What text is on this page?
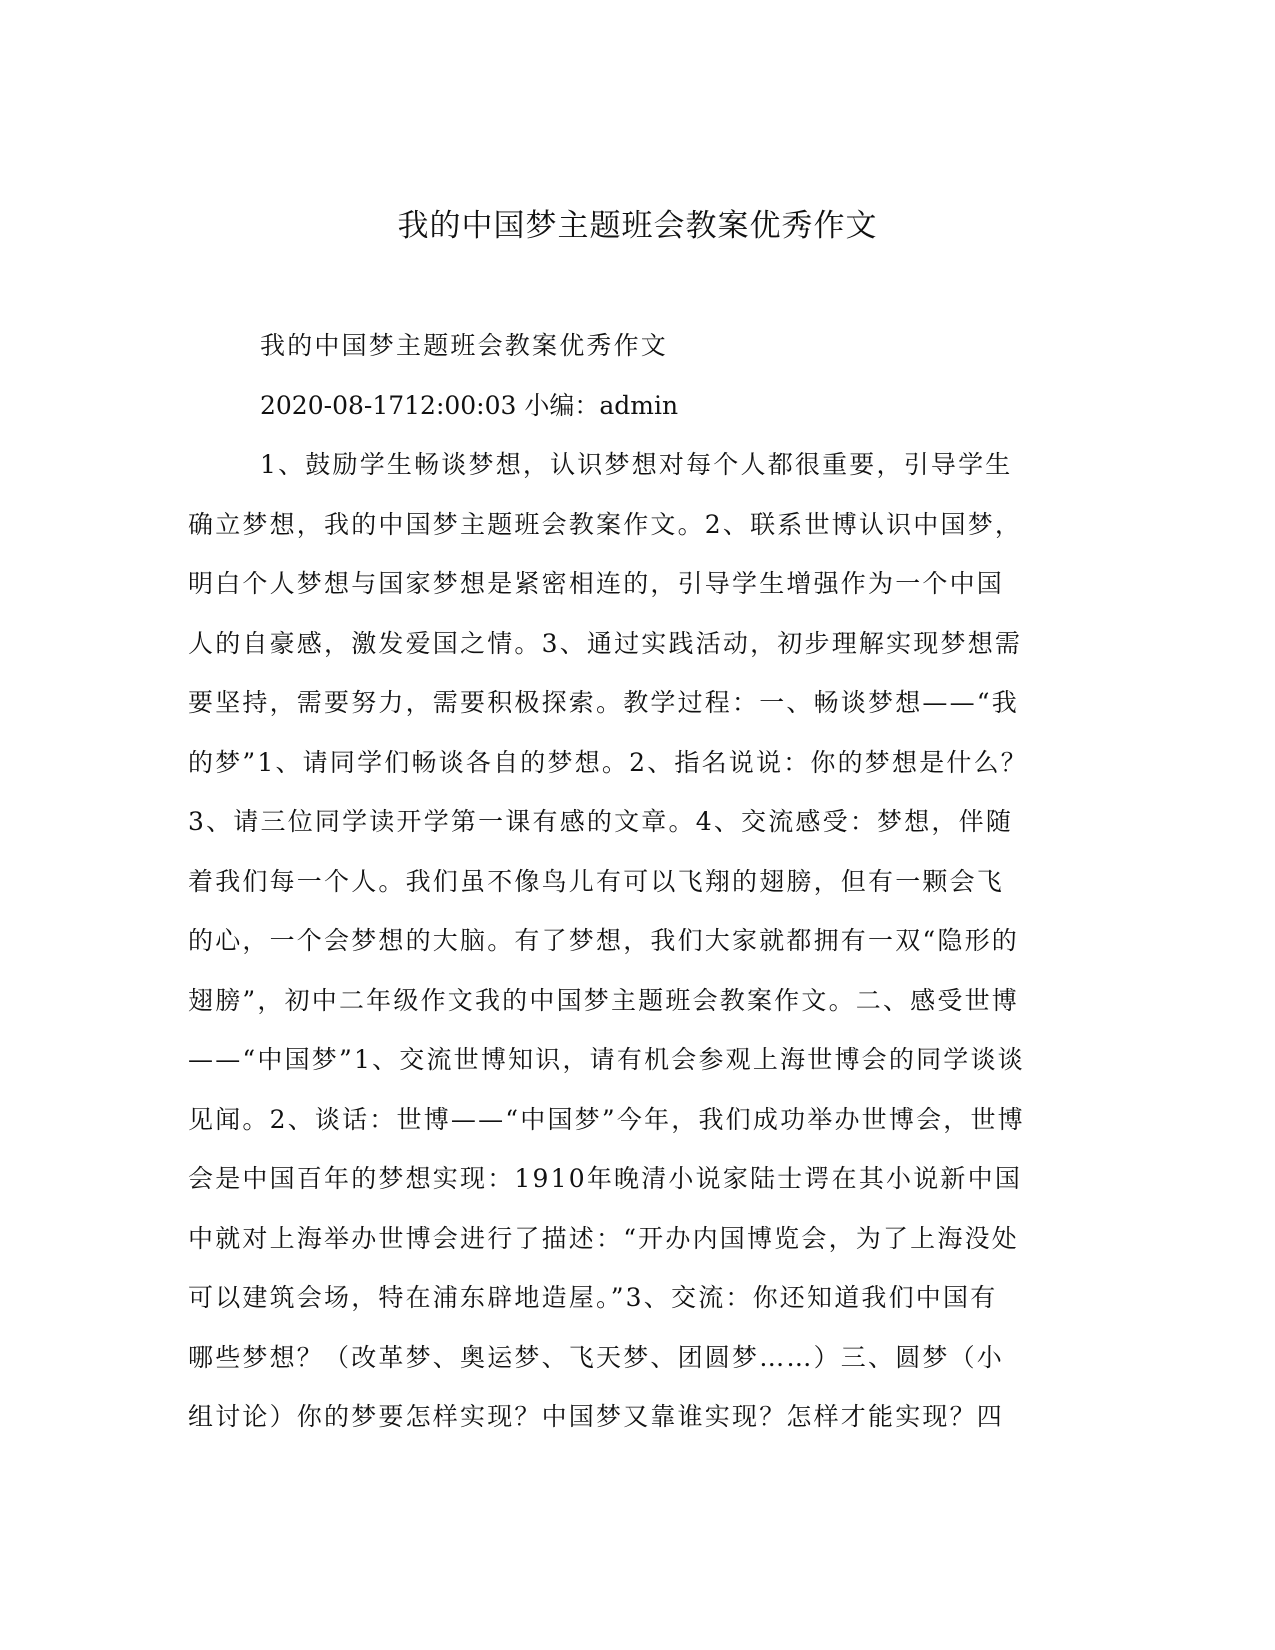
我的中国梦主题班会教案优秀作文
我的中国梦主题班会教案优秀作文
2020-08-1712:00:03 小编：admin
1、鼓励学生畅谈梦想，认识梦想对每个人都很重要，引导学生
确立梦想，我的中国梦主题班会教案作文。2、联系世博认识中国梦，
明白个人梦想与国家梦想是紧密相连的，引导学生增强作为一个中国
人的自豪感，激发爱国之情。3、通过实践活动，初步理解实现梦想需
要坚持，需要努力，需要积极探索。教学过程：一、畅谈梦想——“我
的梦”1、请同学们畅谈各自的梦想。2、指名说说：你的梦想是什么？
3、请三位同学读开学第一课有感的文章。4、交流感受：梦想，伴随
着我们每一个人。我们虽不像鸟儿有可以飞翔的翅膀，但有一颗会飞
的心，一个会梦想的大脑。有了梦想，我们大家就都拥有一双“隐形的
翅膀”，初中二年级作文我的中国梦主题班会教案作文。二、感受世博
——“中国梦”1、交流世博知识，请有机会参观上海世博会的同学谈谈
见闻。2、谈话：世博——“中国梦”今年，我们成功举办世博会，世博
会是中国百年的梦想实现：1910年晚清小说家陆士谔在其小说新中国
中就对上海举办世博会进行了描述：“开办内国博览会，为了上海没处
可以建筑会场，特在浦东辟地造屋。”3、交流：你还知道我们中国有
哪些梦想？（改革梦、奥运梦、飞天梦、团圆梦……）三、圆梦（小
组讨论）你的梦要怎样实现？中国梦又靠谁实现？怎样才能实现？四
